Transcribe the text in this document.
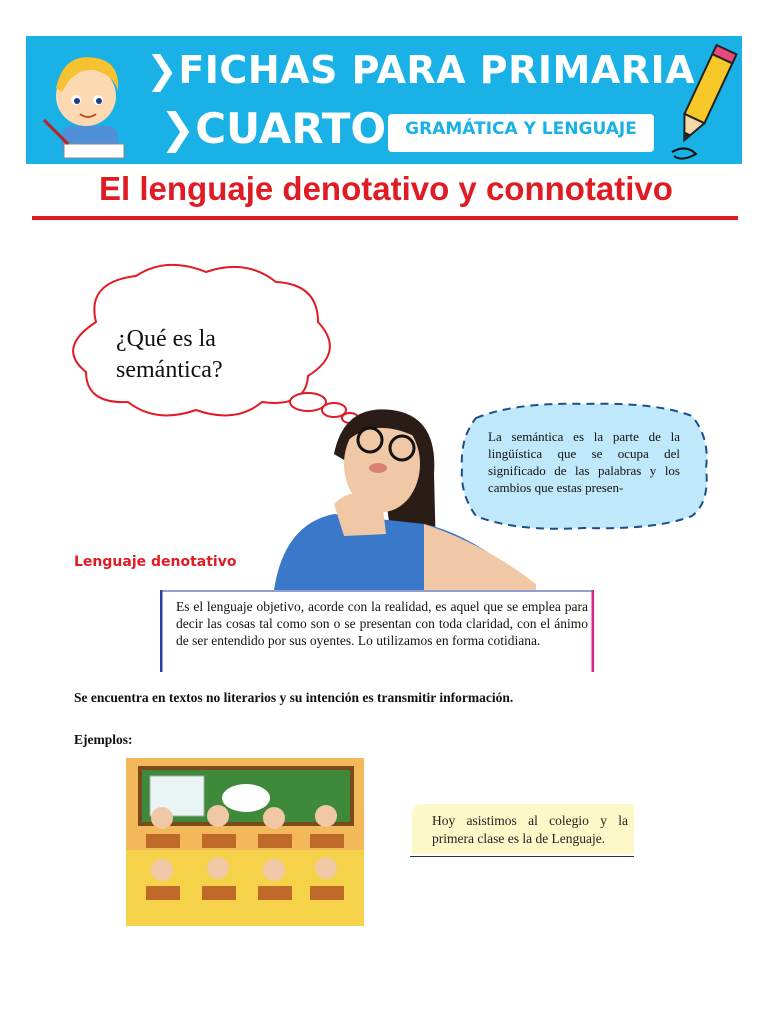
❯FICHAS PARA PRIMARIA
❯CUARTO	GRAMÁTICA Y LENGUAJE
El lenguaje denotativo y connotativo
¿Qué es la semántica?
La semántica es la parte de la lingüística que se ocupa del significado de las palabras y los cambios que estas presen-
Lenguaje denotativo
Es el lenguaje objetivo, acorde con la realidad, es aquel que se emplea para decir las cosas tal como son o se presentan con toda claridad, con el ánimo de ser entendido por sus oyentes. Lo utilizamos en forma cotidiana.
Se encuentra en textos no literarios y su intención es transmitir información.
Ejemplos:
Hoy asistimos al colegio y la primera clase es la de Lenguaje.
